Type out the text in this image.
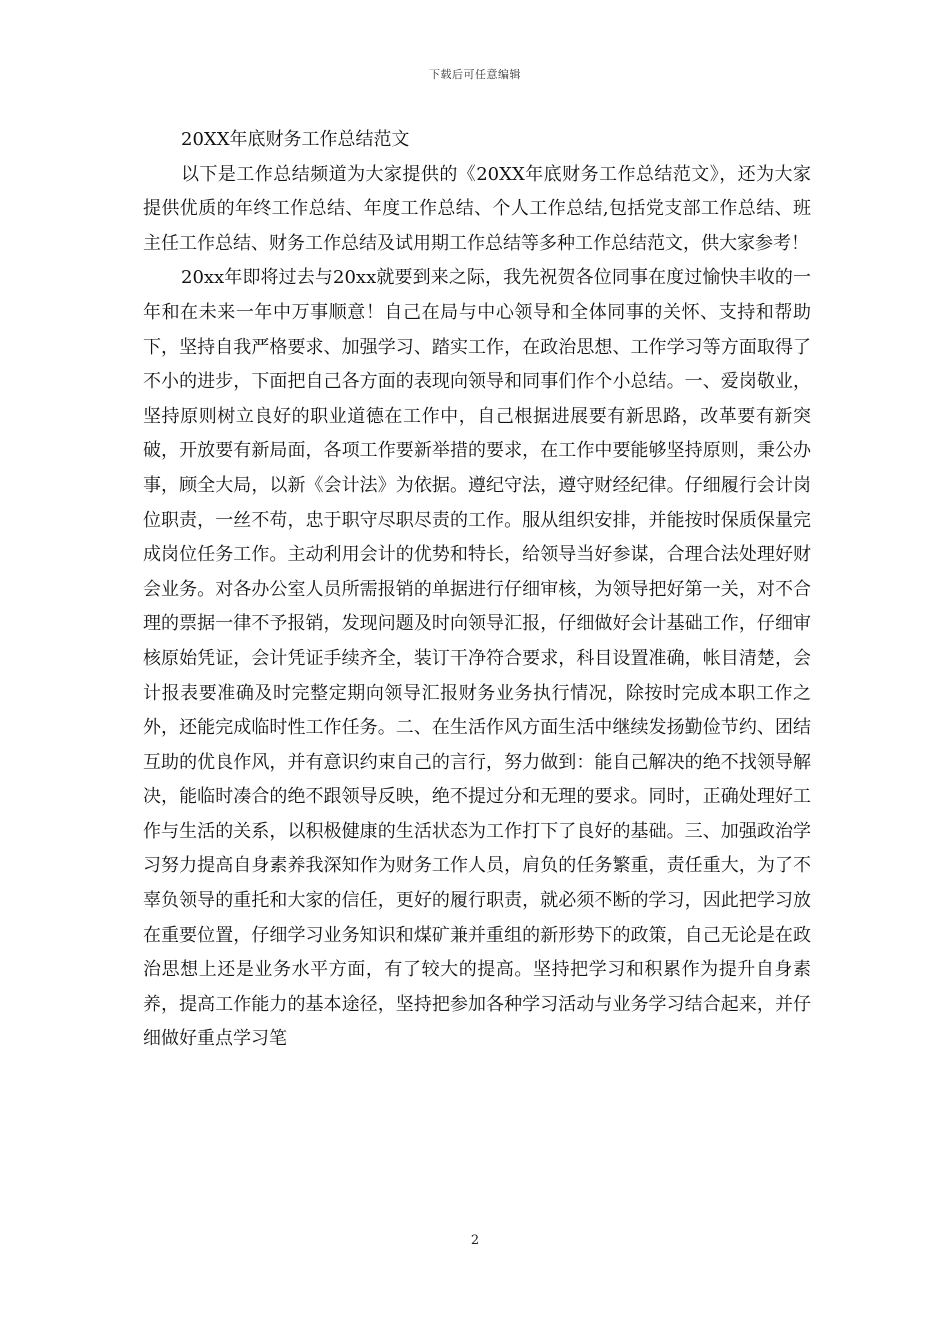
下载后可任意编辑

20XX年底财务工作总结范文

以下是工作总结频道为大家提供的《20XX年底财务工作总结范文》，还为大家提供优质的年终工作总结、年度工作总结、个人工作总结,包括党支部工作总结、班主任工作总结、财务工作总结及试用期工作总结等多种工作总结范文，供大家参考！

20xx年即将过去与20xx就要到来之际，我先祝贺各位同事在度过愉快丰收的一年和在未来一年中万事顺意！自己在局与中心领导和全体同事的关怀、支持和帮助下，坚持自我严格要求、加强学习、踏实工作，在政治思想、工作学习等方面取得了不小的进步，下面把自己各方面的表现向领导和同事们作个小总结。一、爱岗敬业，坚持原则树立良好的职业道德在工作中，自己根据进展要有新思路，改革要有新突破，开放要有新局面，各项工作要新举措的要求，在工作中要能够坚持原则，秉公办事，顾全大局，以新《会计法》为依据。遵纪守法，遵守财经纪律。仔细履行会计岗位职责，一丝不苟，忠于职守尽职尽责的工作。服从组织安排，并能按时保质保量完成岗位任务工作。主动利用会计的优势和特长，给领导当好参谋，合理合法处理好财会业务。对各办公室人员所需报销的单据进行仔细审核，为领导把好第一关，对不合理的票据一律不予报销，发现问题及时向领导汇报，仔细做好会计基础工作，仔细审核原始凭证，会计凭证手续齐全，装订干净符合要求，科目设置准确，帐目清楚，会计报表要准确及时完整定期向领导汇报财务业务执行情况，除按时完成本职工作之外，还能完成临时性工作任务。二、在生活作风方面生活中继续发扬勤俭节约、团结互助的优良作风，并有意识约束自己的言行，努力做到：能自己解决的绝不找领导解决，能临时凑合的绝不跟领导反映，绝不提过分和无理的要求。同时，正确处理好工作与生活的关系，以积极健康的生活状态为工作打下了良好的基础。三、加强政治学习努力提高自身素养我深知作为财务工作人员，肩负的任务繁重，责任重大，为了不辜负领导的重托和大家的信任，更好的履行职责，就必须不断的学习，因此把学习放在重要位置，仔细学习业务知识和煤矿兼并重组的新形势下的政策，自己无论是在政治思想上还是业务水平方面，有了较大的提高。坚持把学习和积累作为提升自身素养，提高工作能力的基本途径，坚持把参加各种学习活动与业务学习结合起来，并仔细做好重点学习笔

2
